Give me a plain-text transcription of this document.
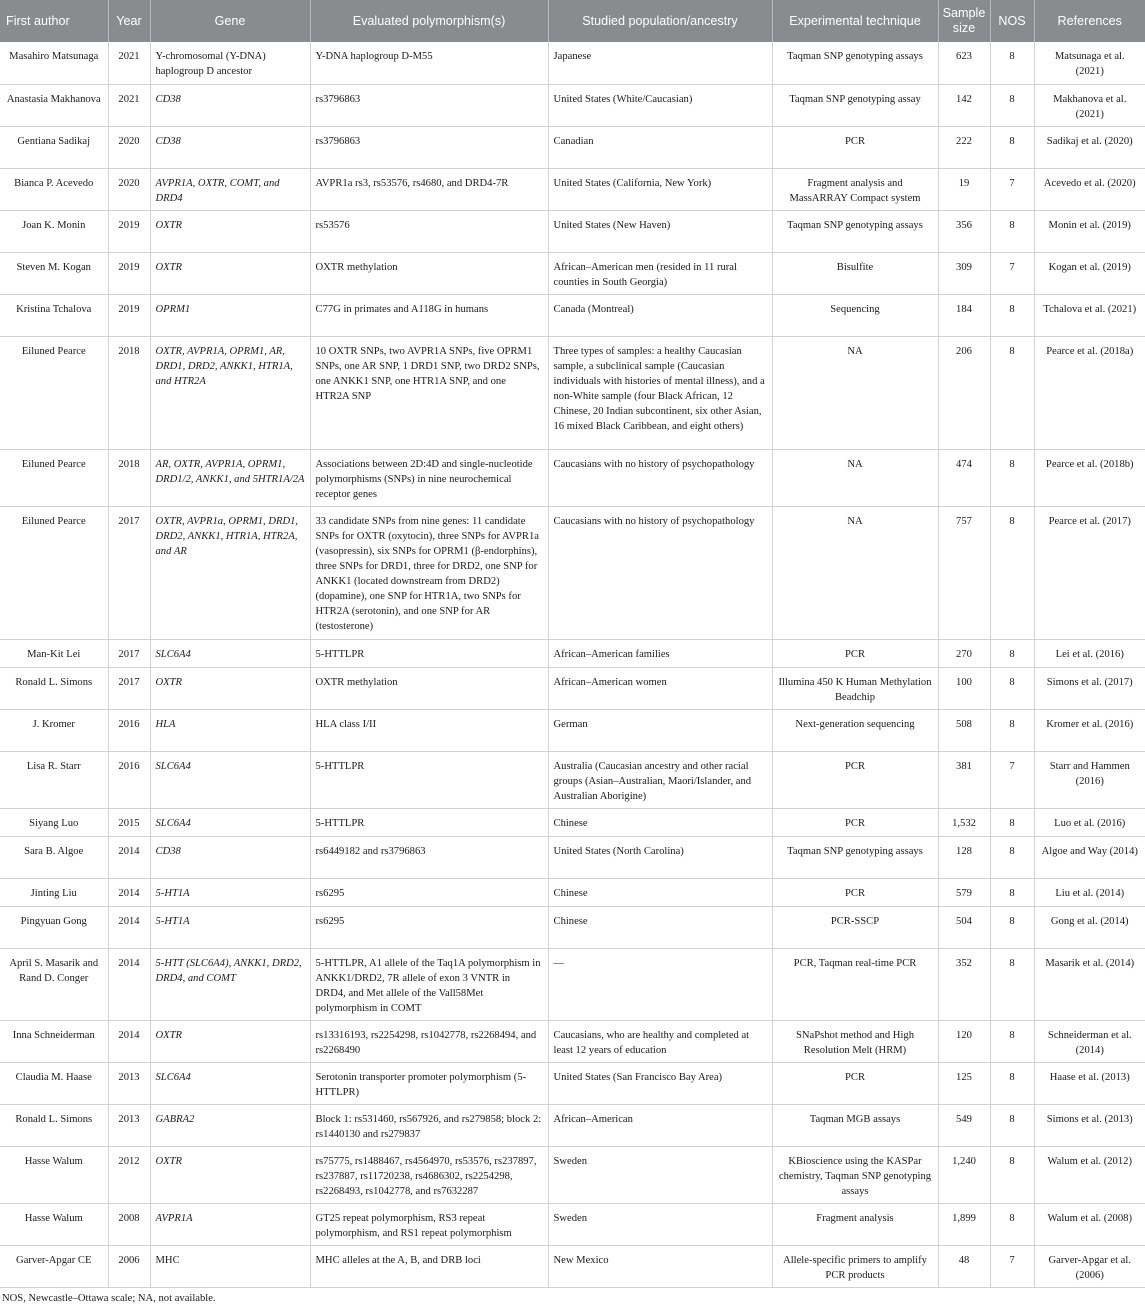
First author	Year	Gene	Evaluated polymorphism(s)	Studied population/ancestry	Experimental technique	Sample size	NOS	References
Masahiro Matsunaga	2021	Y-chromosomal (Y-DNA) haplogroup D ancestor	Y-DNA haplogroup D-M55	Japanese	Taqman SNP genotyping assays	623	8	Matsunaga et al. (2021)
Anastasia Makhanova	2021	CD38	rs3796863	United States (White/Caucasian)	Taqman SNP genotyping assay	142	8	Makhanova et al. (2021)
Gentiana Sadikaj	2020	CD38	rs3796863	Canadian	PCR	222	8	Sadikaj et al. (2020)
Bianca P. Acevedo	2020	AVPR1A, OXTR, COMT, and DRD4	AVPR1a rs3, rs53576, rs4680, and DRD4-7R	United States (California, New York)	Fragment analysis and MassARRAY Compact system	19	7	Acevedo et al. (2020)
Joan K. Monin	2019	OXTR	rs53576	United States (New Haven)	Taqman SNP genotyping assays	356	8	Monin et al. (2019)
Steven M. Kogan	2019	OXTR	OXTR methylation	African–American men (resided in 11 rural counties in South Georgia)	Bisulfite	309	7	Kogan et al. (2019)
Kristina Tchalova	2019	OPRM1	C77G in primates and A118G in humans	Canada (Montreal)	Sequencing	184	8	Tchalova et al. (2021)
Eiluned Pearce	2018	OXTR, AVPR1A, OPRM1, AR, DRD1, DRD2, ANKK1, HTR1A, and HTR2A	10 OXTR SNPs, two AVPR1A SNPs, five OPRM1 SNPs, one AR SNP, 1 DRD1 SNP, two DRD2 SNPs, one ANKK1 SNP, one HTR1A SNP, and one HTR2A SNP	Three types of samples: a healthy Caucasian sample, a subclinical sample (Caucasian individuals with histories of mental illness), and a non-White sample (four Black African, 12 Chinese, 20 Indian subcontinent, six other Asian, 16 mixed Black Caribbean, and eight others)	NA	206	8	Pearce et al. (2018a)
Eiluned Pearce	2018	AR, OXTR, AVPR1A, OPRM1, DRD1/2, ANKK1, and 5HTR1A/2A	Associations between 2D:4D and single-nucleotide polymorphisms (SNPs) in nine neurochemical receptor genes	Caucasians with no history of psychopathology	NA	474	8	Pearce et al. (2018b)
Eiluned Pearce	2017	OXTR, AVPR1a, OPRM1, DRD1, DRD2, ANKK1, HTR1A, HTR2A, and AR	33 candidate SNPs from nine genes: 11 candidate SNPs for OXTR (oxytocin), three SNPs for AVPR1a (vasopressin), six SNPs for OPRM1 (β-endorphins), three SNPs for DRD1, three for DRD2, one SNP for ANKK1 (located downstream from DRD2) (dopamine), one SNP for HTR1A, two SNPs for HTR2A (serotonin), and one SNP for AR (testosterone)	Caucasians with no history of psychopathology	NA	757	8	Pearce et al. (2017)
Man-Kit Lei	2017	SLC6A4	5-HTTLPR	African–American families	PCR	270	8	Lei et al. (2016)
Ronald L. Simons	2017	OXTR	OXTR methylation	African–American women	Illumina 450 K Human Methylation Beadchip	100	8	Simons et al. (2017)
J. Kromer	2016	HLA	HLA class I/II	German	Next-generation sequencing	508	8	Kromer et al. (2016)
Lisa R. Starr	2016	SLC6A4	5-HTTLPR	Australia (Caucasian ancestry and other racial groups (Asian–Australian, Maori/Islander, and Australian Aborigine)	PCR	381	7	Starr and Hammen (2016)
Siyang Luo	2015	SLC6A4	5-HTTLPR	Chinese	PCR	1,532	8	Luo et al. (2016)
Sara B. Algoe	2014	CD38	rs6449182 and rs3796863	United States (North Carolina)	Taqman SNP genotyping assays	128	8	Algoe and Way (2014)
Jinting Liu	2014	5-HT1A	rs6295	Chinese	PCR	579	8	Liu et al. (2014)
Pingyuan Gong	2014	5-HT1A	rs6295	Chinese	PCR-SSCP	504	8	Gong et al. (2014)
April S. Masarik and Rand D. Conger	2014	5-HTT (SLC6A4), ANKK1, DRD2, DRD4, and COMT	5-HTTLPR, A1 allele of the Taq1A polymorphism in ANKK1/DRD2, 7R allele of exon 3 VNTR in DRD4, and Met allele of the Vall58Met polymorphism in COMT	—	PCR, Taqman real-time PCR	352	8	Masarik et al. (2014)
Inna Schneiderman	2014	OXTR	rs13316193, rs2254298, rs1042778, rs2268494, and rs2268490	Caucasians, who are healthy and completed at least 12 years of education	SNaPshot method and High Resolution Melt (HRM)	120	8	Schneiderman et al. (2014)
Claudia M. Haase	2013	SLC6A4	Serotonin transporter promoter polymorphism (5-HTTLPR)	United States (San Francisco Bay Area)	PCR	125	8	Haase et al. (2013)
Ronald L. Simons	2013	GABRA2	Block 1: rs531460, rs567926, and rs279858; block 2: rs1440130 and rs279837	African–American	Taqman MGB assays	549	8	Simons et al. (2013)
Hasse Walum	2012	OXTR	rs75775, rs1488467, rs4564970, rs53576, rs237897, rs237887, rs11720238, rs4686302, rs2254298, rs2268493, rs1042778, and rs7632287	Sweden	KBioscience using the KASPar chemistry, Taqman SNP genotyping assays	1,240	8	Walum et al. (2012)
Hasse Walum	2008	AVPR1A	GT25 repeat polymorphism, RS3 repeat polymorphism, and RS1 repeat polymorphism	Sweden	Fragment analysis	1,899	8	Walum et al. (2008)
Garver-Apgar CE	2006	MHC	MHC alleles at the A, B, and DRB loci	New Mexico	Allele-specific primers to amplify PCR products	48	7	Garver-Apgar et al. (2006)
NOS, Newcastle–Ottawa scale; NA, not available.
